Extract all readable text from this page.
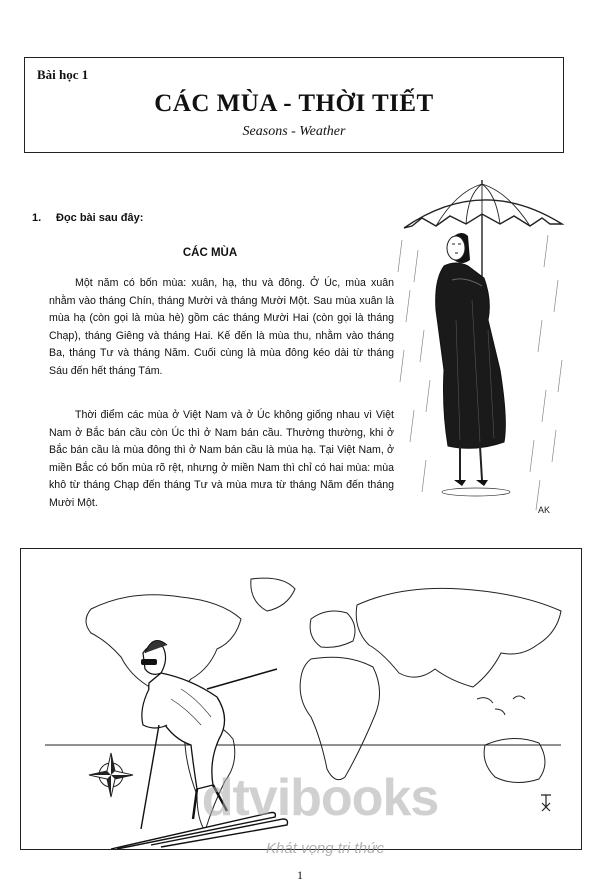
Bài học 1
CÁC MÙA - THỜI TIẾT
Seasons - Weather
1. Đọc bài sau đây:
CÁC MÙA
Một năm có bốn mùa: xuân, hạ, thu và đông. Ở Úc, mùa xuân nhằm vào tháng Chín, tháng Mười và tháng Mười Một. Sau mùa xuân là mùa hạ (còn gọi là mùa hè) gồm các tháng Mười Hai (còn gọi là tháng Chạp), tháng Giêng và tháng Hai. Kế đến là mùa thu, nhằm vào tháng Ba, tháng Tư và tháng Năm. Cuối cùng là mùa đông kéo dài từ tháng Sáu đến hết tháng Tám.
Thời điểm các mùa ở Việt Nam và ở Úc không giống nhau vì Việt Nam ở Bắc bán cầu còn Úc thì ở Nam bán cầu. Thường thường, khi ở Bắc bán cầu là mùa đông thì ở Nam bán cầu là mùa hạ. Tại Việt Nam, ở miền Bắc có bốn mùa rõ rệt, nhưng ở miền Nam thì chỉ có hai mùa: mùa khô từ tháng Chạp đến tháng Tư và mùa mưa từ tháng Năm đến tháng Mười Một.
AK
dtvibooks
Khát vọng tri thức
1
